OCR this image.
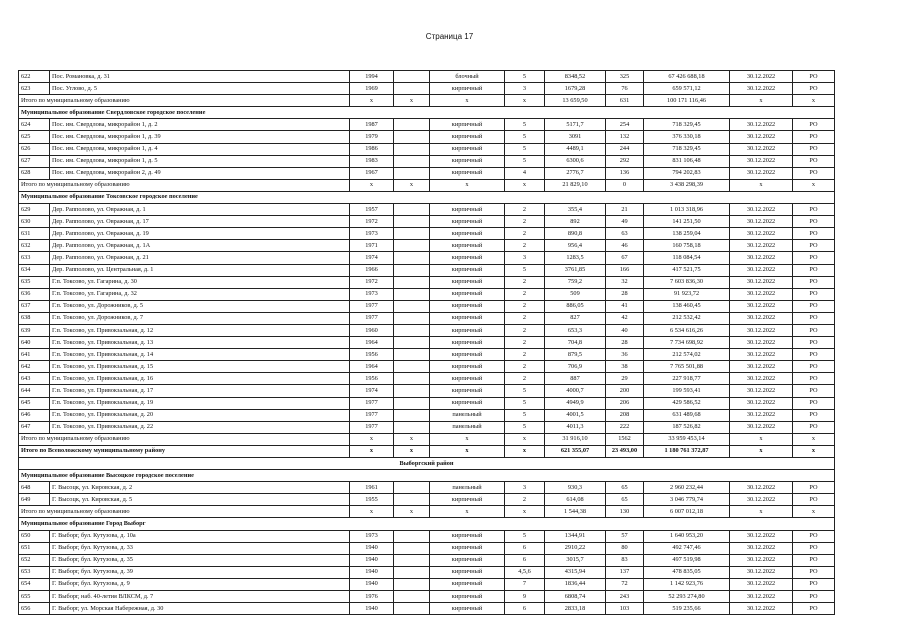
Страница 17
622	Пос. Романовка, д. 31	1994		блочный	5	8348,52	325	67 426 688,18	30.12.2022	РО
623	Пос. Углово, д. 5	1969		кирпичный	3	1679,28	76	659 571,12	30.12.2022	РО
Итого по муниципальному образованию		x	x	x	x	13 659,50	631	100 171 116,46	x	x
Муниципальное образование Свердловское городское поселение										
624	Пос. им. Свердлова, микрорайон 1, д. 2	1987		кирпичный	5	5171,7	254	718 329,45	30.12.2022	РО
625	Пос. им. Свердлова, микрорайон 1, д. 39	1979		кирпичный	5	3091	132	376 330,18	30.12.2022	РО
626	Пос. им. Свердлова, микрорайон 1, д. 4	1986		кирпичный	5	4489,1	244	718 329,45	30.12.2022	РО
627	Пос. им. Свердлова, микрорайон 1, д. 5	1983		кирпичный	5	6300,6	292	831 106,48	30.12.2022	РО
628	Пос. им. Свердлова, микрорайон 2, д. 49	1967		кирпичный	4	2776,7	136	794 202,83	30.12.2022	РО
Итого по муниципальному образованию		x	x	x	x	21 829,10	0	3 438 298,39	x	x
Муниципальное образование Токсовское городское поселение										
629	Дер. Рапполово, ул. Овражная, д. 1	1957		кирпичный	2	355,4	21	1 013 318,96	30.12.2022	РО
630	Дер. Рапполово, ул. Овражная, д. 17	1972		кирпичный	2	892	49	141 251,50	30.12.2022	РО
631	Дер. Рапполово, ул. Овражная, д. 19	1973		кирпичный	2	890,8	63	138 259,04	30.12.2022	РО
632	Дер. Рапполово, ул. Овражная, д. 1А	1971		кирпичный	2	956,4	46	160 758,18	30.12.2022	РО
633	Дер. Рапполово, ул. Овражная, д. 21	1974		кирпичный	3	1283,5	67	118 084,54	30.12.2022	РО
634	Дер. Рапполово, ул. Центральная, д. 1	1966		кирпичный	5	3761,85	166	417 521,75	30.12.2022	РО
635	Г.п. Токсово, ул. Гагарина, д. 30	1972		кирпичный	2	759,2	32	7 603 836,30	30.12.2022	РО
636	Г.п. Токсово, ул. Гагарина, д. 32	1973		кирпичный	2	509	28	91 923,72	30.12.2022	РО
637	Г.п. Токсово, ул. Дорожников, д. 5	1977		кирпичный	2	886,05	41	138 460,45	30.12.2022	РО
638	Г.п. Токсово, ул. Дорожников, д. 7	1977		кирпичный	2	827	42	212 532,42	30.12.2022	РО
639	Г.п. Токсово, ул. Привокзальная, д. 12	1960		кирпичный	2	653,3	40	6 534 616,26	30.12.2022	РО
640	Г.п. Токсово, ул. Привокзальная, д. 13	1964		кирпичный	2	704,8	28	7 734 698,92	30.12.2022	РО
641	Г.п. Токсово, ул. Привокзальная, д. 14	1956		кирпичный	2	879,5	36	212 574,02	30.12.2022	РО
642	Г.п. Токсово, ул. Привокзальная, д. 15	1964		кирпичный	2	706,9	38	7 765 501,88	30.12.2022	РО
643	Г.п. Токсово, ул. Привокзальная, д. 16	1956		кирпичный	2	887	29	227 918,77	30.12.2022	РО
644	Г.п. Токсово, ул. Привокзальная, д. 17	1974		кирпичный	5	4000,7	200	199 593,41	30.12.2022	РО
645	Г.п. Токсово, ул. Привокзальная, д. 19	1977		кирпичный	5	4949,9	206	429 586,52	30.12.2022	РО
646	Г.п. Токсово, ул. Привокзальная, д. 20	1977		панельный	5	4001,5	208	631 489,68	30.12.2022	РО
647	Г.п. Токсово, ул. Привокзальная, д. 22	1977		панельный	5	4011,3	222	187 526,82	30.12.2022	РО
Итого по муниципальному образованию		x	x	x	x	31 916,10	1562	33 959 453,14	x	x
Итого по Всеволожскому муниципальному району		x	x	x	x	621 355,07	23 493,00	1 180 761 372,87	x	x
Выборгский район										
Муниципальное образование Высоцкое городское поселение										
648	Г. Высоцк, ул. Кировская, д. 2	1961		панельный	3	930,3	65	2 960 232,44	30.12.2022	РО
649	Г. Высоцк, ул. Кировская, д. 5	1955		кирпичный	2	614,08	65	3 046 779,74	30.12.2022	РО
Итого по муниципальному образованию		x	x	x	x	1 544,38	130	6 007 012,18	x	x
Муниципальное образование Город Выборг										
650	Г. Выборг, бул. Кутузова, д. 10а	1973		кирпичный	5	1344,91	57	1 640 953,20	30.12.2022	РО
651	Г. Выборг, бул. Кутузова, д. 33	1940		кирпичный	6	2910,22	80	492 747,46	30.12.2022	РО
652	Г. Выборг, бул. Кутузова, д. 35	1940		кирпичный	6	3015,7	83	497 519,98	30.12.2022	РО
653	Г. Выборг, бул. Кутузова, д. 39	1940		кирпичный	4,5,6	4315,94	137	478 835,05	30.12.2022	РО
654	Г. Выборг, бул. Кутузова, д. 9	1940		кирпичный	7	1836,44	72	1 142 923,76	30.12.2022	РО
655	Г. Выборг, наб. 40-летия ВЛКСМ, д. 7	1976		кирпичный	9	6808,74	243	52 293 274,80	30.12.2022	РО
656	Г. Выборг, ул. Морская Набережная, д. 30	1940		кирпичный	6	2833,18	103	519 235,66	30.12.2022	РО
